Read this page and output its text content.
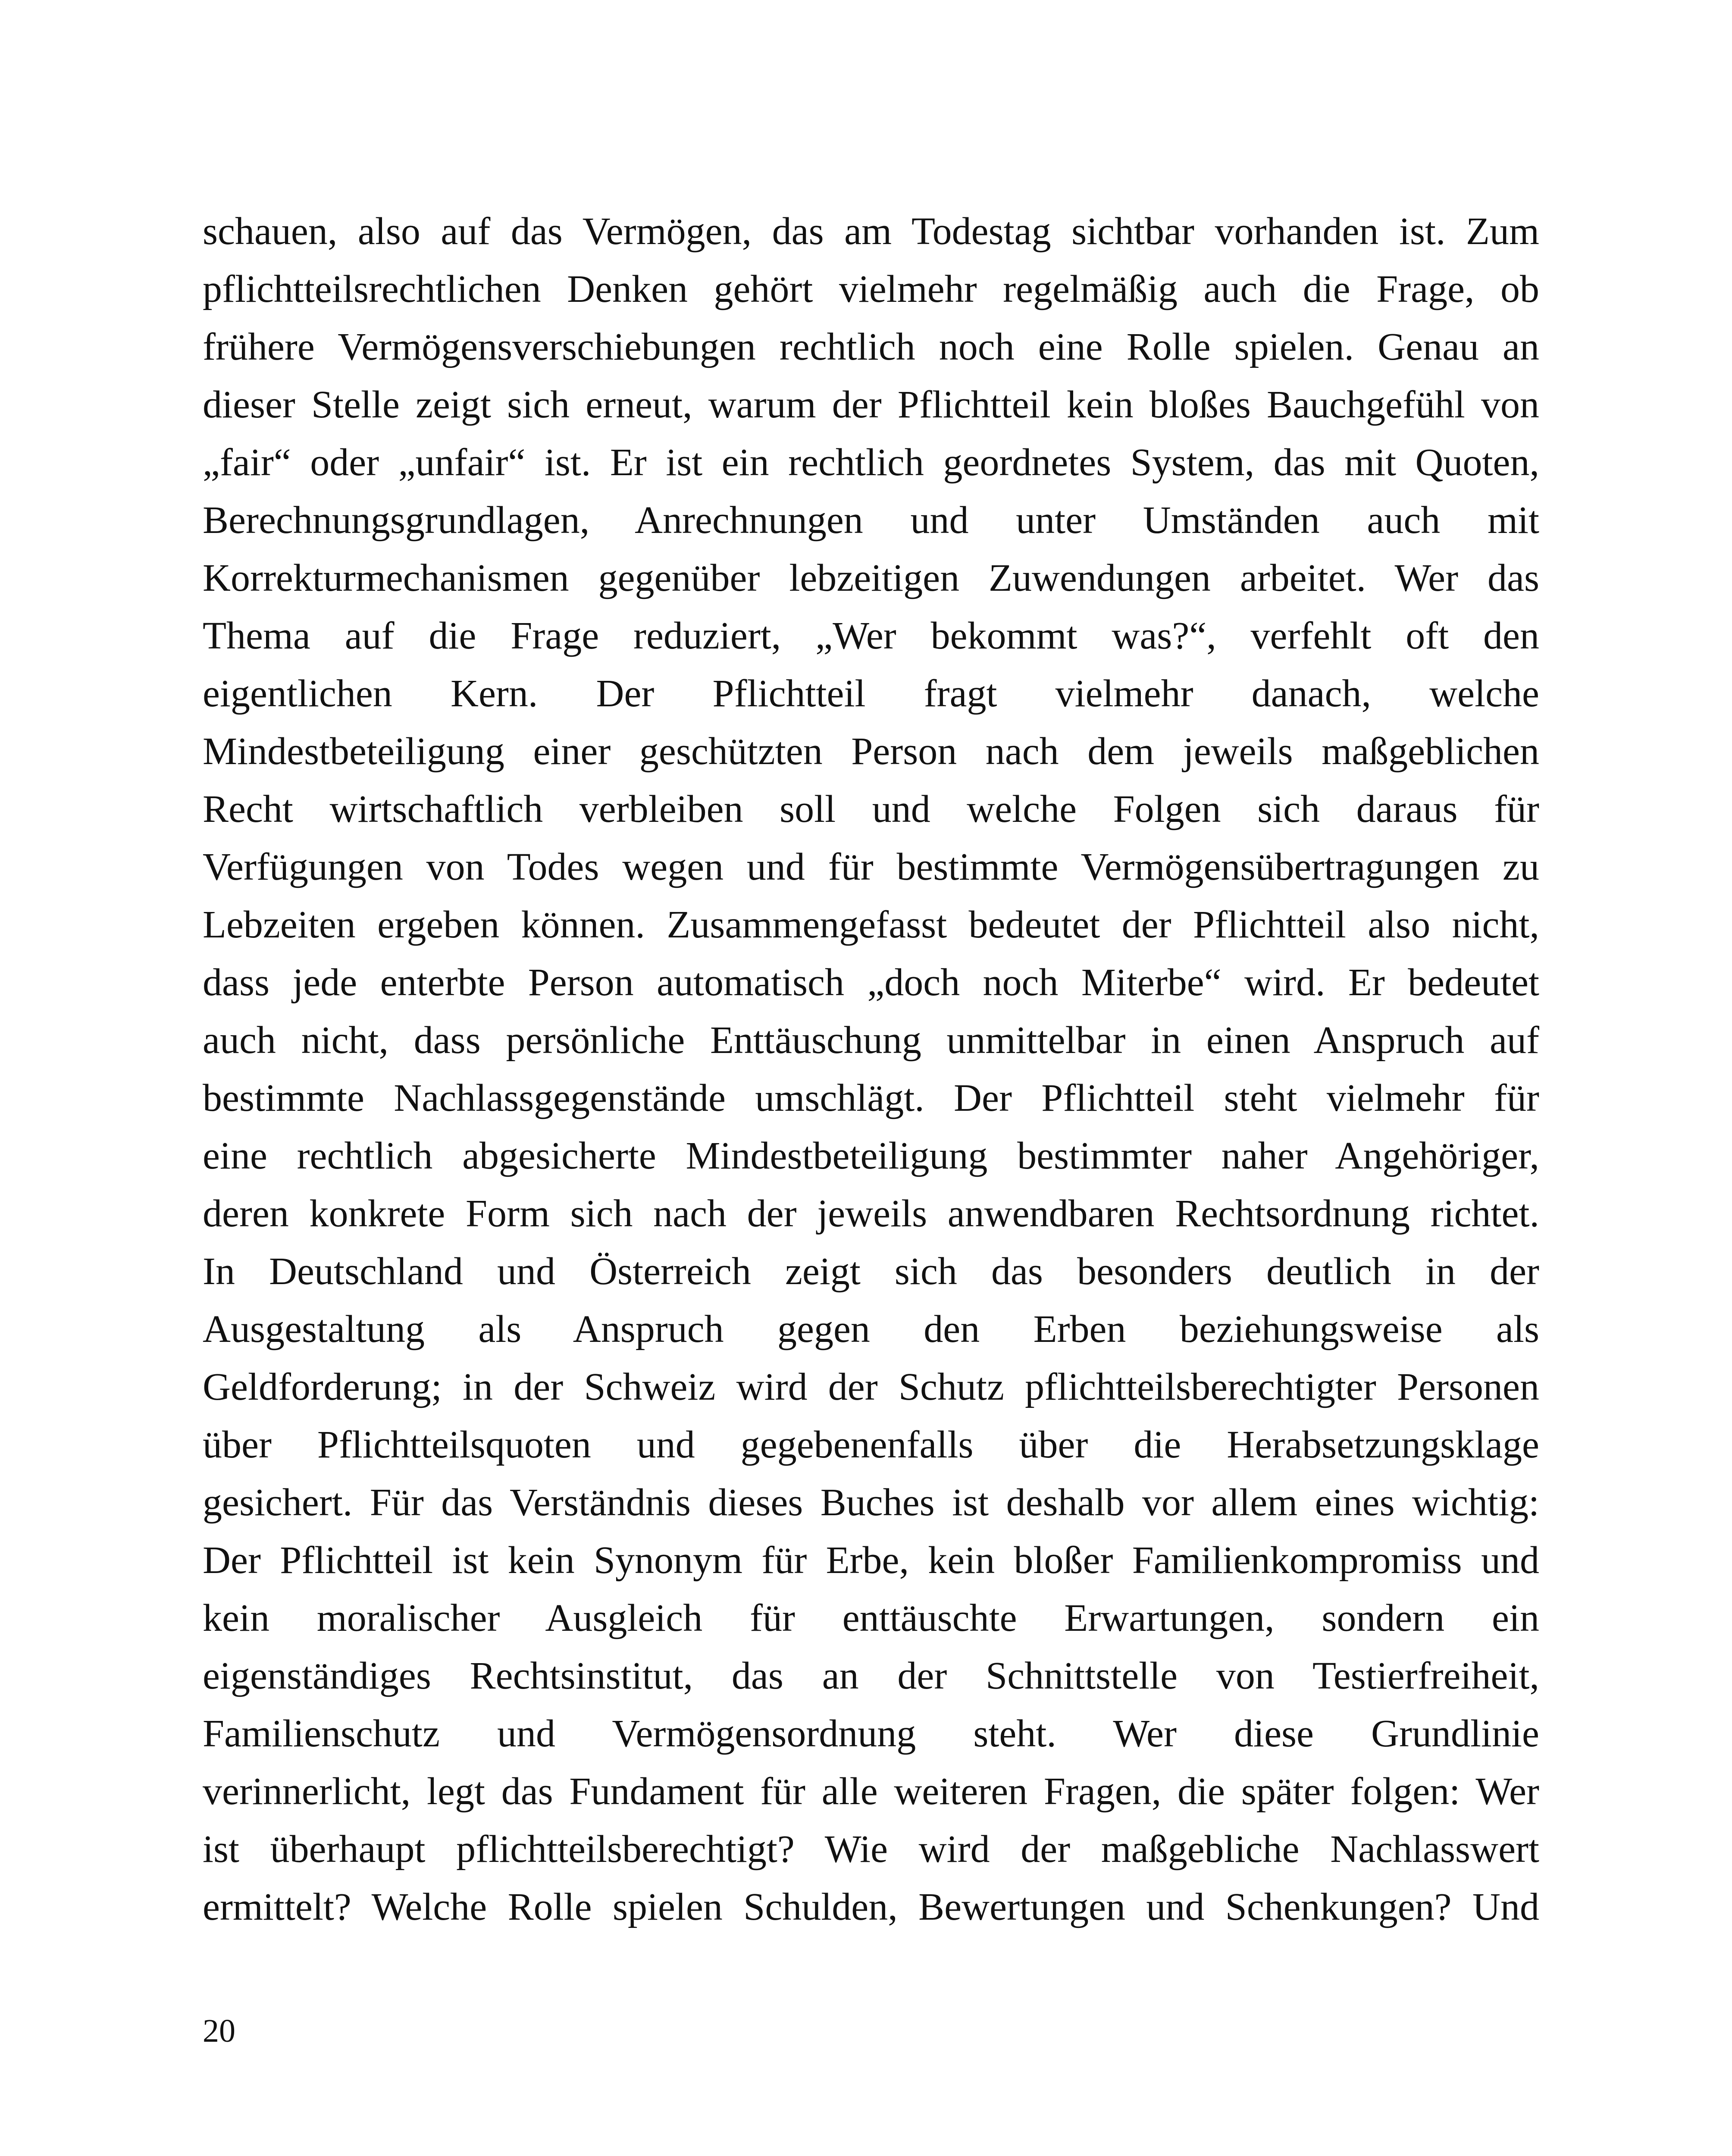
schauen, also auf das Vermögen, das am Todestag sichtbar vorhanden ist. Zum
pflichtteilsrechtlichen Denken gehört vielmehr regelmäßig auch die Frage, ob
frühere Vermögensverschiebungen rechtlich noch eine Rolle spielen. Genau an
dieser Stelle zeigt sich erneut, warum der Pflichtteil kein bloßes Bauchgefühl von
„fair“ oder „unfair“ ist. Er ist ein rechtlich geordnetes System, das mit Quoten,
Berechnungsgrundlagen, Anrechnungen und unter Umständen auch mit
Korrekturmechanismen gegenüber lebzeitigen Zuwendungen arbeitet. Wer das
Thema auf die Frage reduziert, „Wer bekommt was?“, verfehlt oft den
eigentlichen Kern. Der Pflichtteil fragt vielmehr danach, welche
Mindestbeteiligung einer geschützten Person nach dem jeweils maßgeblichen
Recht wirtschaftlich verbleiben soll und welche Folgen sich daraus für
Verfügungen von Todes wegen und für bestimmte Vermögensübertragungen zu
Lebzeiten ergeben können. Zusammengefasst bedeutet der Pflichtteil also nicht,
dass jede enterbte Person automatisch „doch noch Miterbe“ wird. Er bedeutet
auch nicht, dass persönliche Enttäuschung unmittelbar in einen Anspruch auf
bestimmte Nachlassgegenstände umschlägt. Der Pflichtteil steht vielmehr für
eine rechtlich abgesicherte Mindestbeteiligung bestimmter naher Angehöriger,
deren konkrete Form sich nach der jeweils anwendbaren Rechtsordnung richtet.
In Deutschland und Österreich zeigt sich das besonders deutlich in der
Ausgestaltung als Anspruch gegen den Erben beziehungsweise als
Geldforderung; in der Schweiz wird der Schutz pflichtteilsberechtigter Personen
über Pflichtteilsquoten und gegebenenfalls über die Herabsetzungsklage
gesichert. Für das Verständnis dieses Buches ist deshalb vor allem eines wichtig:
Der Pflichtteil ist kein Synonym für Erbe, kein bloßer Familienkompromiss und
kein moralischer Ausgleich für enttäuschte Erwartungen, sondern ein
eigenständiges Rechtsinstitut, das an der Schnittstelle von Testierfreiheit,
Familienschutz und Vermögensordnung steht. Wer diese Grundlinie
verinnerlicht, legt das Fundament für alle weiteren Fragen, die später folgen: Wer
ist überhaupt pflichtteilsberechtigt? Wie wird der maßgebliche Nachlasswert
ermittelt? Welche Rolle spielen Schulden, Bewertungen und Schenkungen? Und
20
